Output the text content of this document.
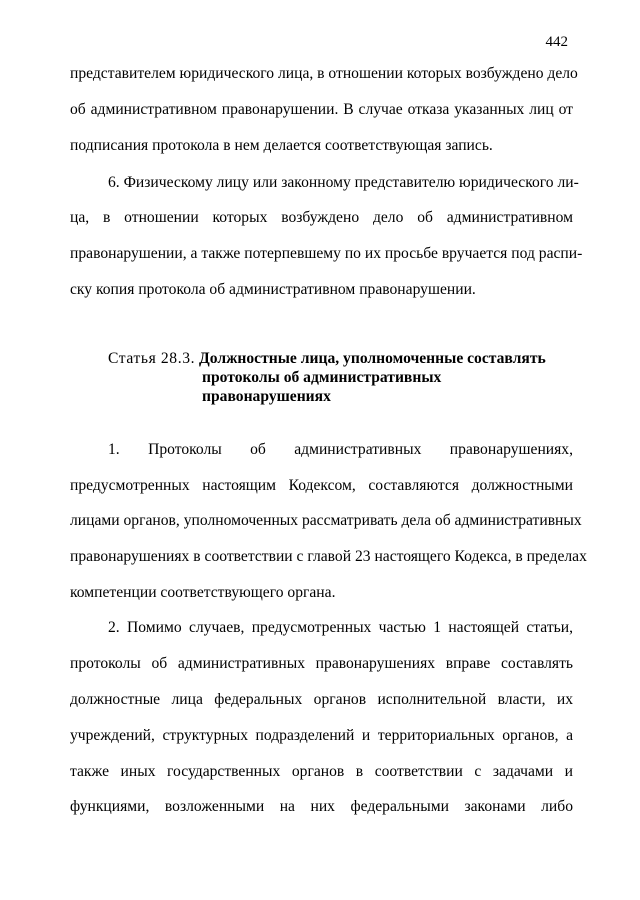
442
представителем юридического лица, в отношении которых возбуждено дело
об административном правонарушении. В случае отказа указанных лиц от
подписания протокола в нем делается соответствующая запись.
6. Физическому лицу или законному представителю юридического ли-
ца, в отношении которых возбуждено дело об административном
правонарушении, а также потерпевшему по их просьбе вручается под распи-
ску копия протокола об административном правонарушении.
Статья 28.3. Должностные лица, уполномоченные составлять
протоколы об административных
правонарушениях
1. Протоколы об административных правонарушениях,
предусмотренных настоящим Кодексом, составляются должностными
лицами органов, уполномоченных рассматривать дела об административных
правонарушениях в соответствии с главой 23 настоящего Кодекса, в пределах
компетенции соответствующего органа.
2. Помимо случаев, предусмотренных частью 1 настоящей статьи,
протоколы об административных правонарушениях вправе составлять
должностные лица федеральных органов исполнительной власти, их
учреждений, структурных подразделений и территориальных органов, а
также иных государственных органов в соответствии с задачами и
функциями, возложенными на них федеральными законами либо
